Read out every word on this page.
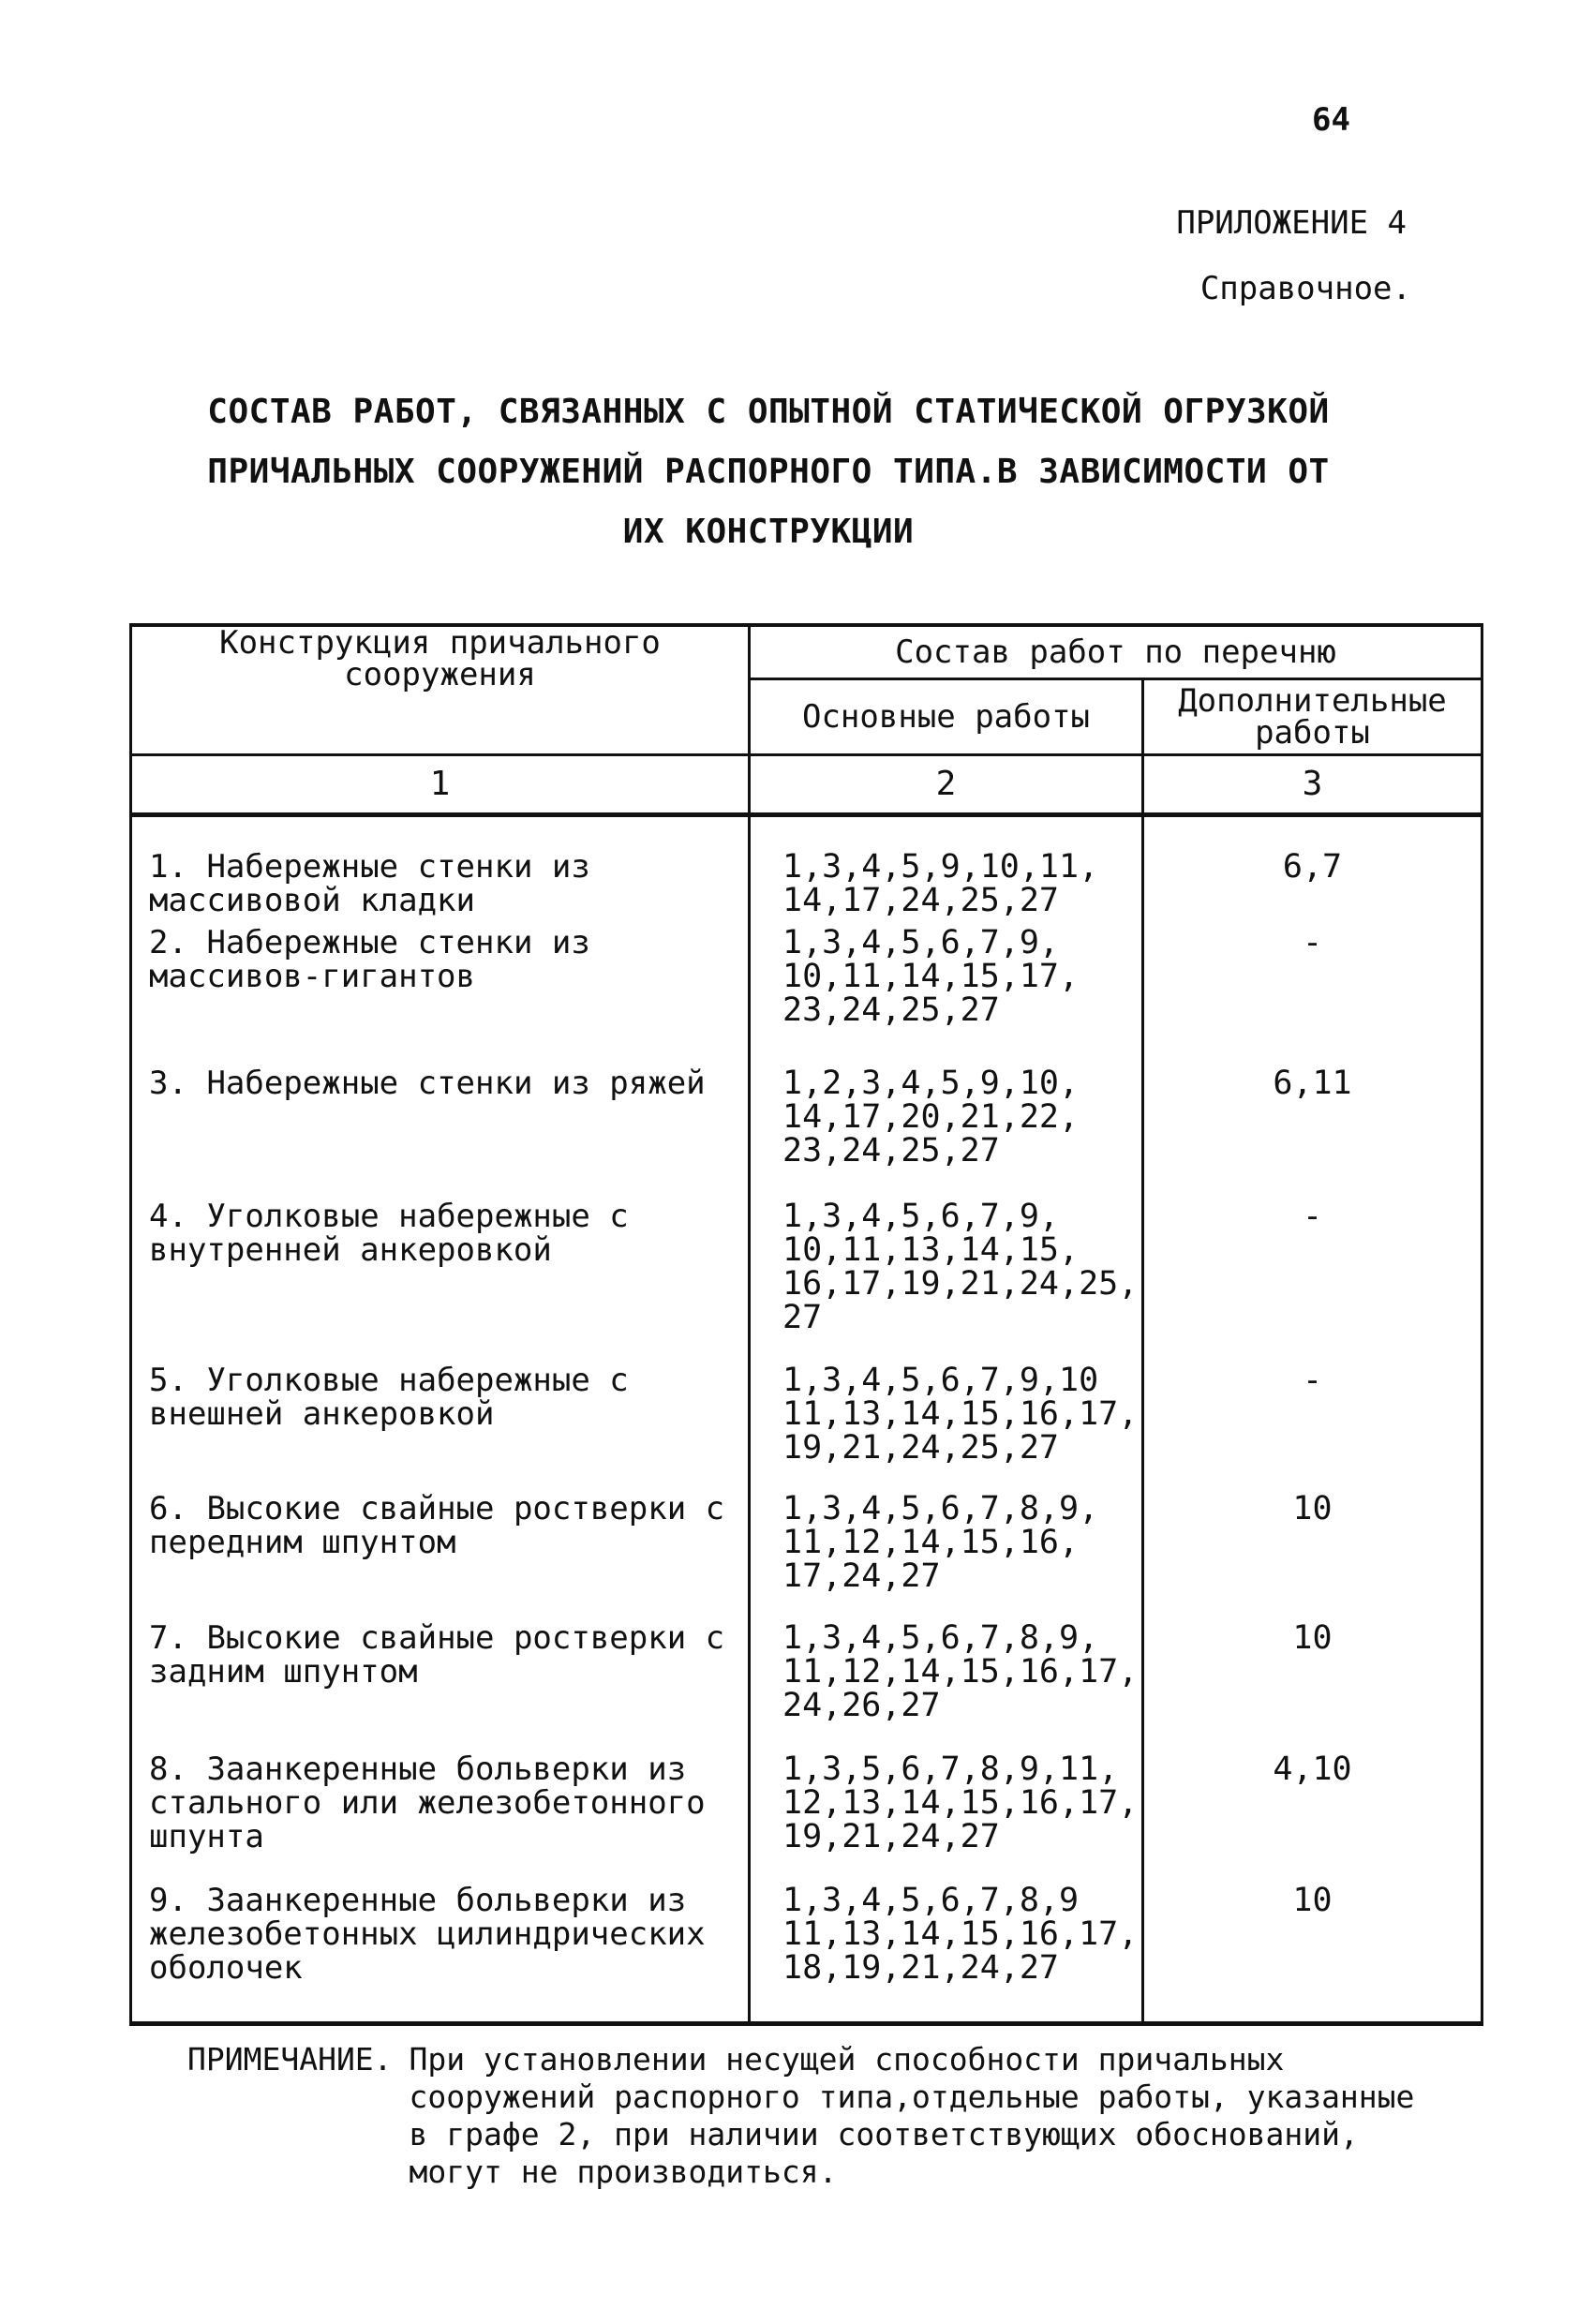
64
ПРИЛОЖЕНИЕ 4
Справочное.
СОСТАВ РАБОТ, СВЯЗАННЫХ С ОПЫТНОЙ СТАТИЧЕСКОЙ ОГРУЗКОЙ
ПРИЧАЛЬНЫХ СООРУЖЕНИЙ РАСПОРНОГО ТИПА.В ЗАВИСИМОСТИ ОТ
ИХ КОНСТРУКЦИИ
Конструкция причального сооружения	Состав работ по перечню	
	Основные работы	Дополнительные работы
1	2	3
1. Набережные стенки из массивовой кладки	1,3,4,5,9,10,11, 14,17,24,25,27	6,7
2. Набережные стенки из массивов-гигантов	1,3,4,5,6,7,9, 10,11,14,15,17, 23,24,25,27	-
3. Набережные стенки из ряжей	1,2,3,4,5,9,10, 14,17,20,21,22, 23,24,25,27	6,11
4. Уголковые набережные с внутренней анкеровкой	1,3,4,5,6,7,9, 10,11,13,14,15, 16,17,19,21,24,25, 27	-
5. Уголковые набережные с внешней анкеровкой	1,3,4,5,6,7,9,10 11,13,14,15,16,17, 19,21,24,25,27	-
6. Высокие свайные ростверки с передним шпунтом	1,3,4,5,6,7,8,9, 11,12,14,15,16, 17,24,27	10
7. Высокие свайные ростверки с задним шпунтом	1,3,4,5,6,7,8,9, 11,12,14,15,16,17, 24,26,27	10
8. Заанкеренные больверки из стального или железобетонного шпунта	1,3,5,6,7,8,9,11, 12,13,14,15,16,17, 19,21,24,27	4,10
9. Заанкеренные больверки из железобетонных цилиндрических оболочек	1,3,4,5,6,7,8,9 11,13,14,15,16,17, 18,19,21,24,27	10
ПРИМЕЧАНИЕ. При установлении несущей способности причальных сооружений распорного типа,отдельные работы, указанные в графе 2, при наличии соответствующих обоснований, могут не производиться.
